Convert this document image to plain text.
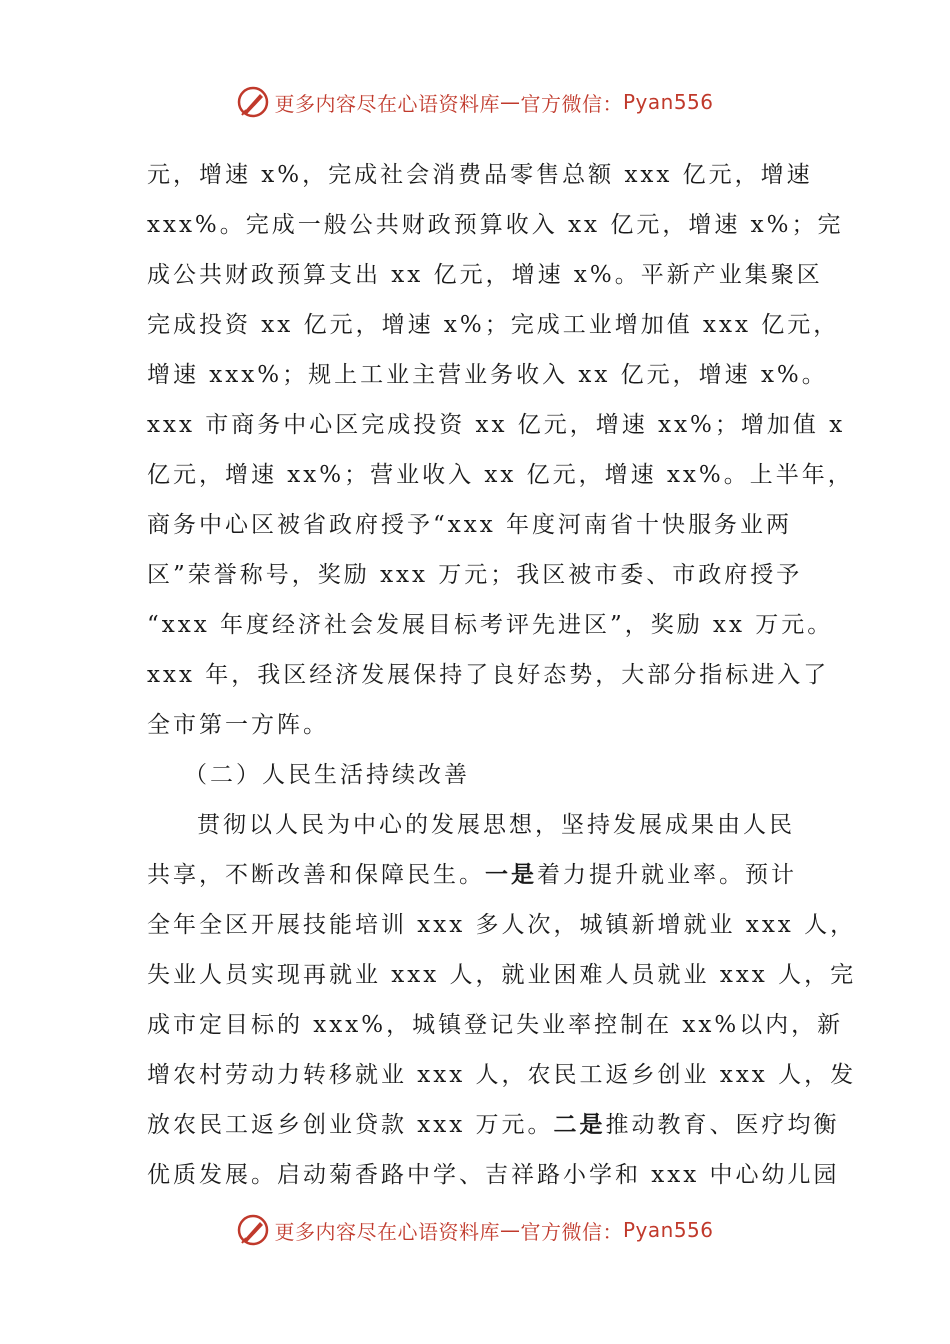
更多内容尽在心语资料库 — 官方微信： Pyan556

元，增速 x%，完成社会消费品零售总额 xxx 亿元，增速

xxx%。完成一般公共财政预算收入 xx 亿元，增速 x%；完

成公共财政预算支出 xx 亿元，增速 x%。平新产业集聚区

完成投资 xx 亿元，增速 x%；完成工业增加值 xxx 亿元，

增速 xxx%；规上工业主营业务收入 xx 亿元，增速 x%。

xxx 市商务中心区完成投资 xx 亿元，增速 xx%；增加值 x

亿元，增速 xx%；营业收入 xx 亿元，增速 xx%。上半年，

商务中心区被省政府授予“xxx 年度河南省十快服务业两

区”荣誉称号，奖励 xxx 万元；我区被市委、市政府授予

“xxx 年度经济社会发展目标考评先进区”，奖励 xx 万元。

xxx 年，我区经济发展保持了良好态势，大部分指标进入了

全市第一方阵。

（二）人民生活持续改善

贯彻以人民为中心的发展思想，坚持发展成果由人民

共享，不断改善和保障民生。一是着力提升就业率。预计

全年全区开展技能培训 xxx 多人次，城镇新增就业 xxx 人，

失业人员实现再就业 xxx 人，就业困难人员就业 xxx 人，完

成市定目标的 xxx%，城镇登记失业率控制在 xx%以内，新

增农村劳动力转移就业 xxx 人，农民工返乡创业 xxx 人，发

放农民工返乡创业贷款 xxx 万元。二是推动教育、医疗均衡

优质发展。启动菊香路中学、吉祥路小学和 xxx 中心幼儿园

更多内容尽在心语资料库 — 官方微信： Pyan556
